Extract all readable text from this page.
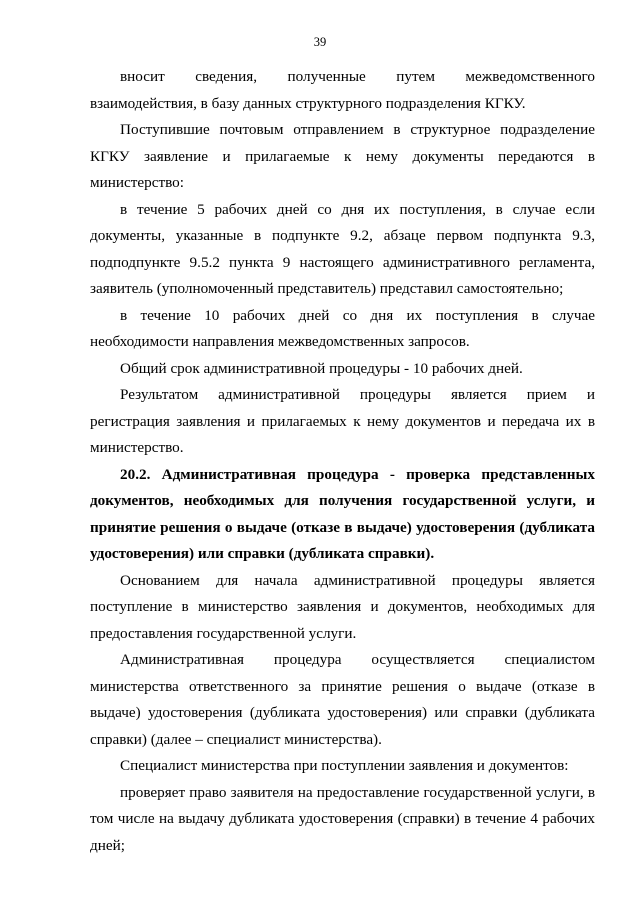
39

вносит сведения, полученные путем межведомственного взаимодействия, в базу данных структурного подразделения КГКУ.

Поступившие почтовым отправлением в структурное подразделение КГКУ заявление и прилагаемые к нему документы передаются в министерство:

в течение 5 рабочих дней со дня их поступления, в случае если документы, указанные в подпункте 9.2, абзаце первом подпункта 9.3, подподпункте 9.5.2 пункта 9 настоящего административного регламента, заявитель (уполномоченный представитель) представил самостоятельно;

в течение 10 рабочих дней со дня их поступления в случае необходимости направления межведомственных запросов.

Общий срок административной процедуры - 10 рабочих дней.

Результатом административной процедуры является прием и регистрация заявления и прилагаемых к нему документов и передача их в министерство.

20.2. Административная процедура - проверка представленных документов, необходимых для получения государственной услуги, и принятие решения о выдаче (отказе в выдаче) удостоверения (дубликата удостоверения) или справки (дубликата справки).

Основанием для начала административной процедуры является поступление в министерство заявления и документов, необходимых для предоставления государственной услуги.

Административная процедура осуществляется специалистом министерства ответственного за принятие решения о выдаче (отказе в выдаче) удостоверения (дубликата удостоверения) или справки (дубликата справки) (далее – специалист министерства).

Специалист министерства при поступлении заявления и документов:

проверяет право заявителя на предоставление государственной услуги, в том числе на выдачу дубликата удостоверения (справки) в течение 4 рабочих дней;
